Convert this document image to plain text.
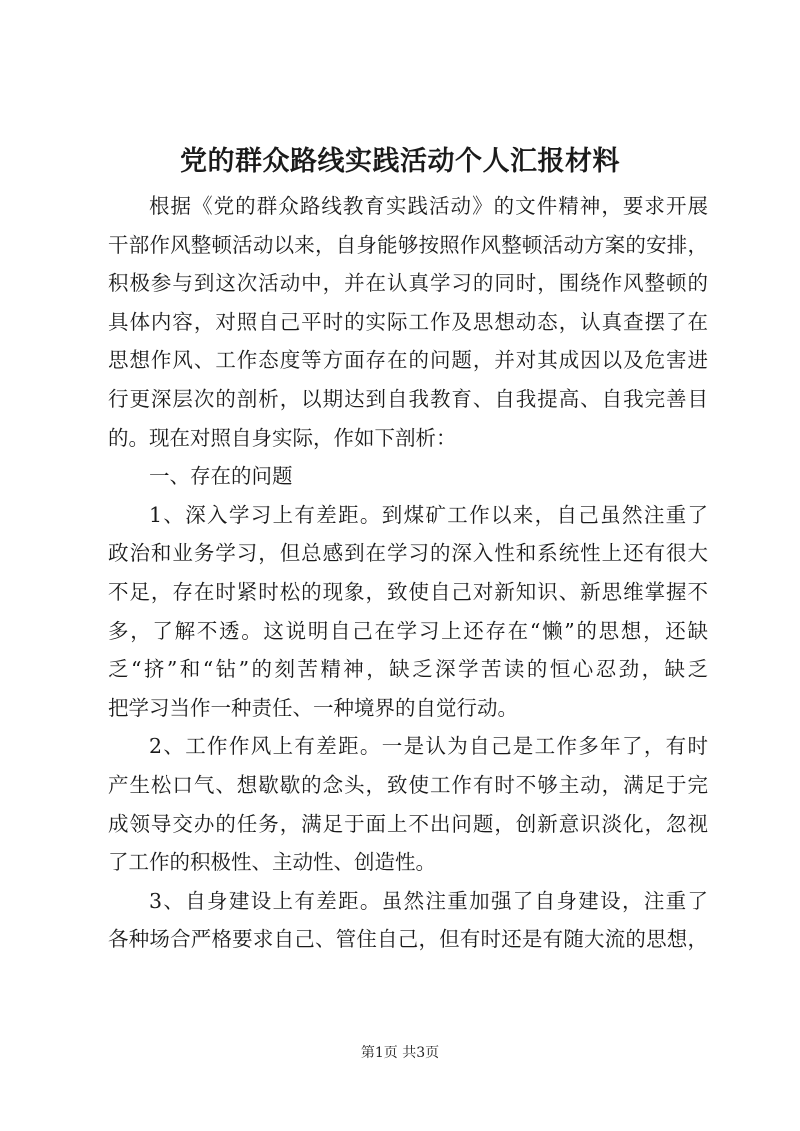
党的群众路线实践活动个人汇报材料
根据《党的群众路线教育实践活动》的文件精神，要求开展
干部作风整顿活动以来，自身能够按照作风整顿活动方案的安排，
积极参与到这次活动中，并在认真学习的同时，围绕作风整顿的
具体内容，对照自己平时的实际工作及思想动态，认真查摆了在
思想作风、工作态度等方面存在的问题，并对其成因以及危害进
行更深层次的剖析，以期达到自我教育、自我提高、自我完善目
的。现在对照自身实际，作如下剖析：
一、存在的问题
1、深入学习上有差距。到煤矿工作以来，自己虽然注重了
政治和业务学习，但总感到在学习的深入性和系统性上还有很大
不足，存在时紧时松的现象，致使自己对新知识、新思维掌握不
多，了解不透。这说明自己在学习上还存在“懒”的思想，还缺
乏“挤”和“钻”的刻苦精神，缺乏深学苦读的恒心忍劲，缺乏
把学习当作一种责任、一种境界的自觉行动。
2、工作作风上有差距。一是认为自己是工作多年了，有时
产生松口气、想歇歇的念头，致使工作有时不够主动，满足于完
成领导交办的任务，满足于面上不出问题，创新意识淡化，忽视
了工作的积极性、主动性、创造性。
3、自身建设上有差距。虽然注重加强了自身建设，注重了
各种场合严格要求自己、管住自己，但有时还是有随大流的思想，
第1页 共3页
